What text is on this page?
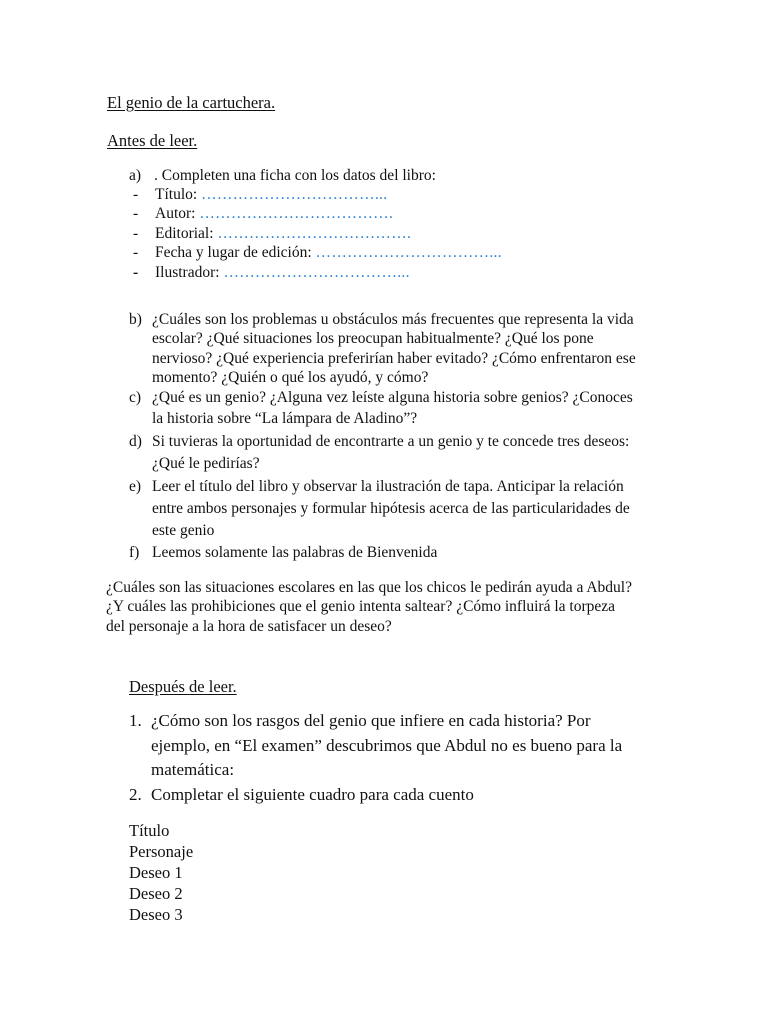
El genio de la cartuchera.
Antes de leer.
a) . Completen una ficha con los datos del libro:
- Título: ……………………………...
- Autor: ……………………………….
- Editorial: ……………………………….
- Fecha y lugar de edición: ……………………………...
- Ilustrador: ……………………………...
b) ¿Cuáles son los problemas u obstáculos más frecuentes que representa la vida
escolar? ¿Qué situaciones los preocupan habitualmente? ¿Qué los pone
nervioso? ¿Qué experiencia preferirían haber evitado? ¿Cómo enfrentaron ese
momento? ¿Quién o qué los ayudó, y cómo?
c) ¿Qué es un genio? ¿Alguna vez leíste alguna historia sobre genios? ¿Conoces
la historia sobre “La lámpara de Aladino”?
d) Si tuvieras la oportunidad de encontrarte a un genio y te concede tres deseos:
¿Qué le pedirías?
e) Leer el título del libro y observar la ilustración de tapa. Anticipar la relación
entre ambos personajes y formular hipótesis acerca de las particularidades de
este genio
f) Leemos solamente las palabras de Bienvenida
¿Cuáles son las situaciones escolares en las que los chicos le pedirán ayuda a Abdul?
¿Y cuáles las prohibiciones que el genio intenta saltear? ¿Cómo influirá la torpeza
del personaje a la hora de satisfacer un deseo?
Después de leer.
1. ¿Cómo son los rasgos del genio que infiere en cada historia? Por
ejemplo, en “El examen” descubrimos que Abdul no es bueno para la
matemática:
2. Completar el siguiente cuadro para cada cuento
Título
Personaje
Deseo 1
Deseo 2
Deseo 3
